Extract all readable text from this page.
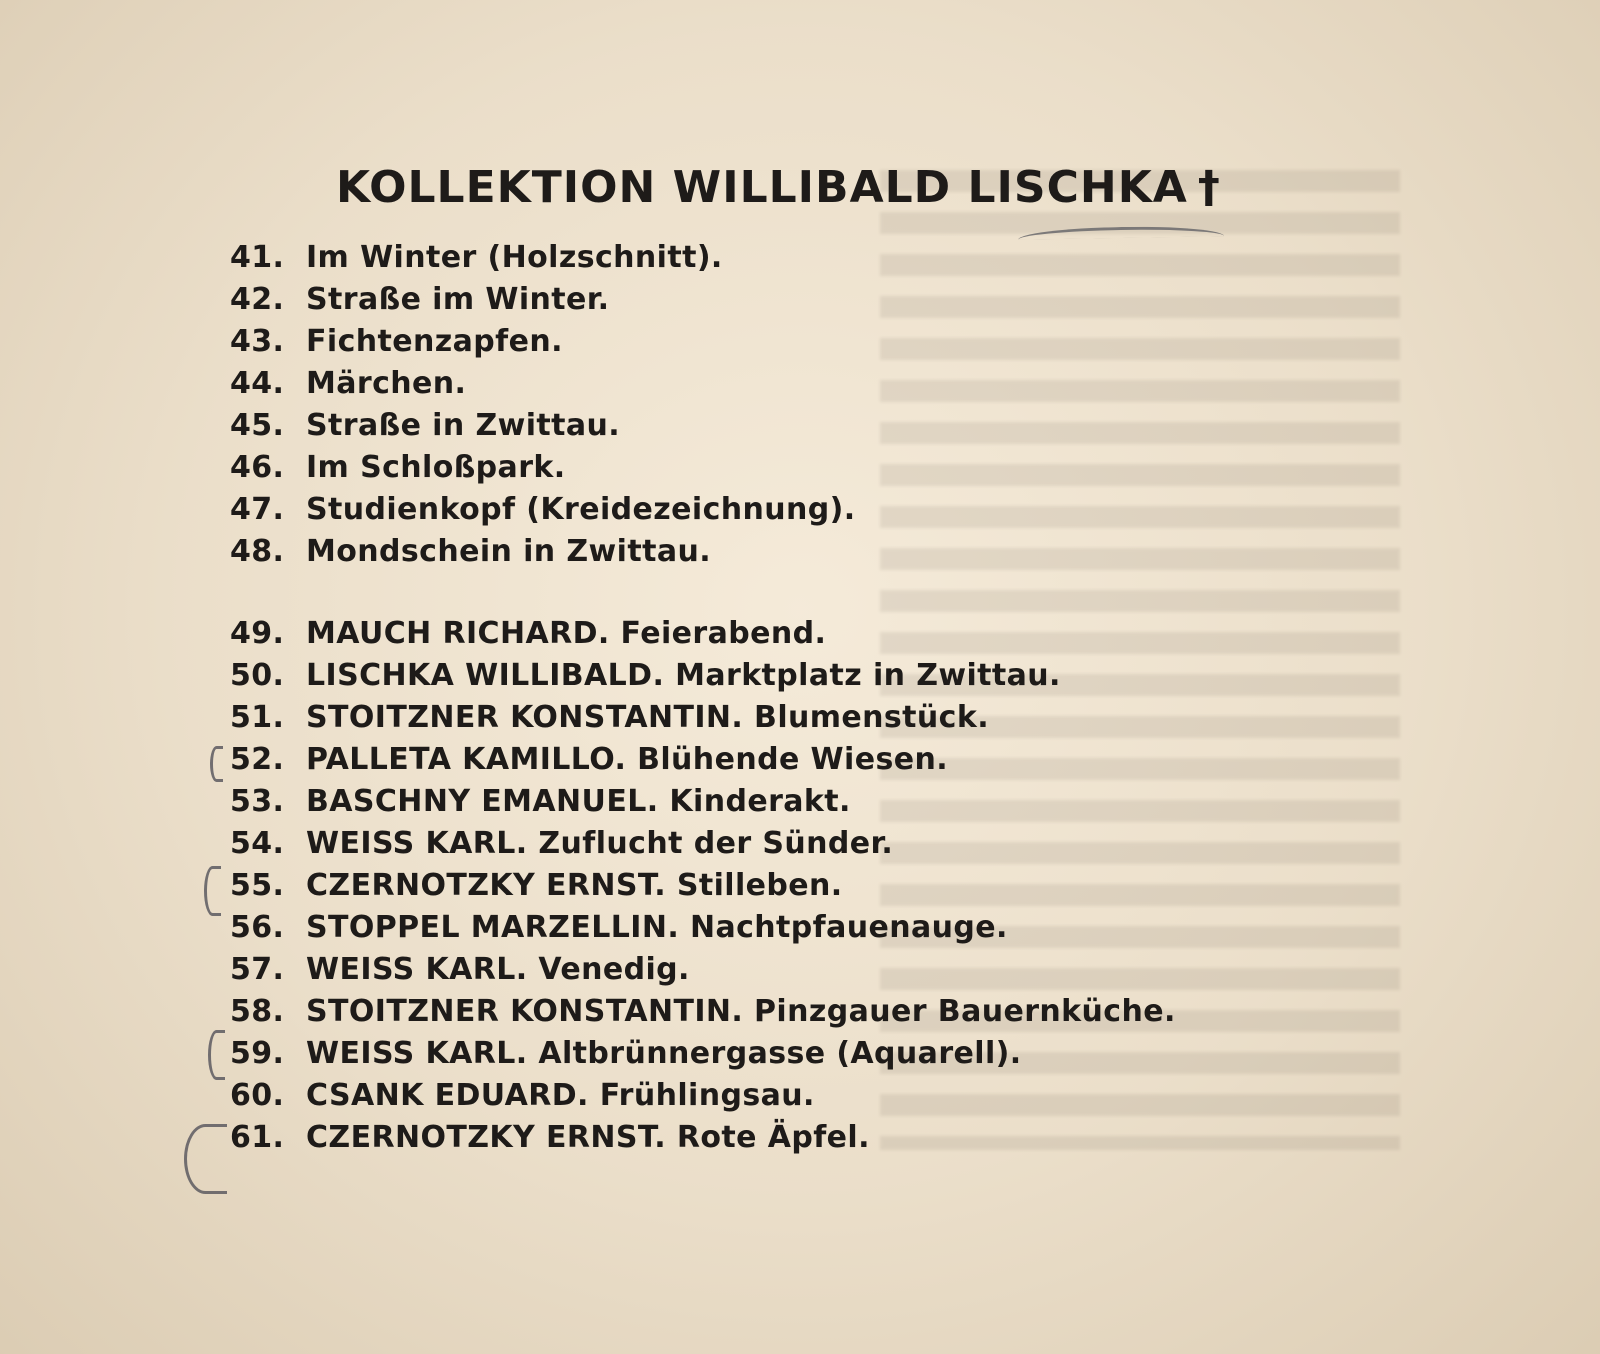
KOLLEKTION WILLIBALD LISCHKA †
41. Im Winter (Holzschnitt).
42. Straße im Winter.
43. Fichtenzapfen.
44. Märchen.
45. Straße in Zwittau.
46. Im Schloßpark.
47. Studienkopf (Kreidezeichnung).
48. Mondschein in Zwittau.
49. MAUCH RICHARD. Feierabend.
50. LISCHKA WILLIBALD. Marktplatz in Zwittau.
51. STOITZNER KONSTANTIN. Blumenstück.
52. PALLETA KAMILLO. Blühende Wiesen.
53. BASCHNY EMANUEL. Kinderakt.
54. WEISS KARL. Zuflucht der Sünder.
55. CZERNOTZKY ERNST. Stilleben.
56. STOPPEL MARZELLIN. Nachtpfauenauge.
57. WEISS KARL. Venedig.
58. STOITZNER KONSTANTIN. Pinzgauer Bauernküche.
59. WEISS KARL. Altbrünnergasse (Aquarell).
60. CSANK EDUARD. Frühlingsau.
61. CZERNOTZKY ERNST. Rote Äpfel.
